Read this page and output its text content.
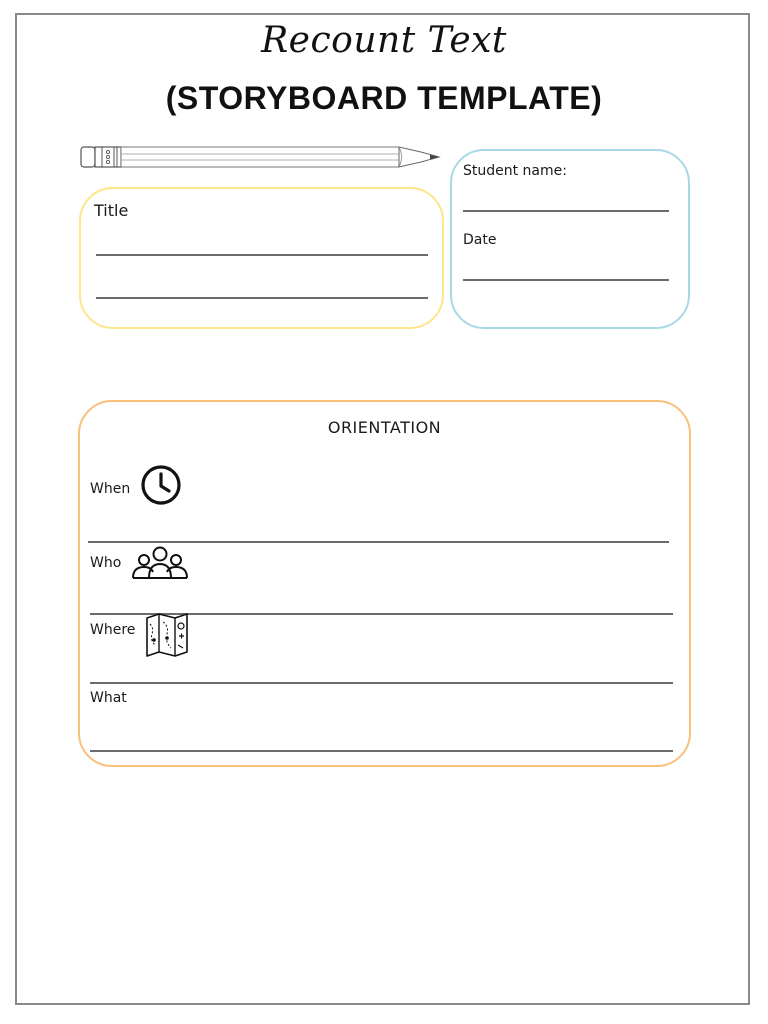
Recount Text
(STORYBOARD TEMPLATE)
Title
Student name:
Date
ORIENTATION
When
Who
Where
What
